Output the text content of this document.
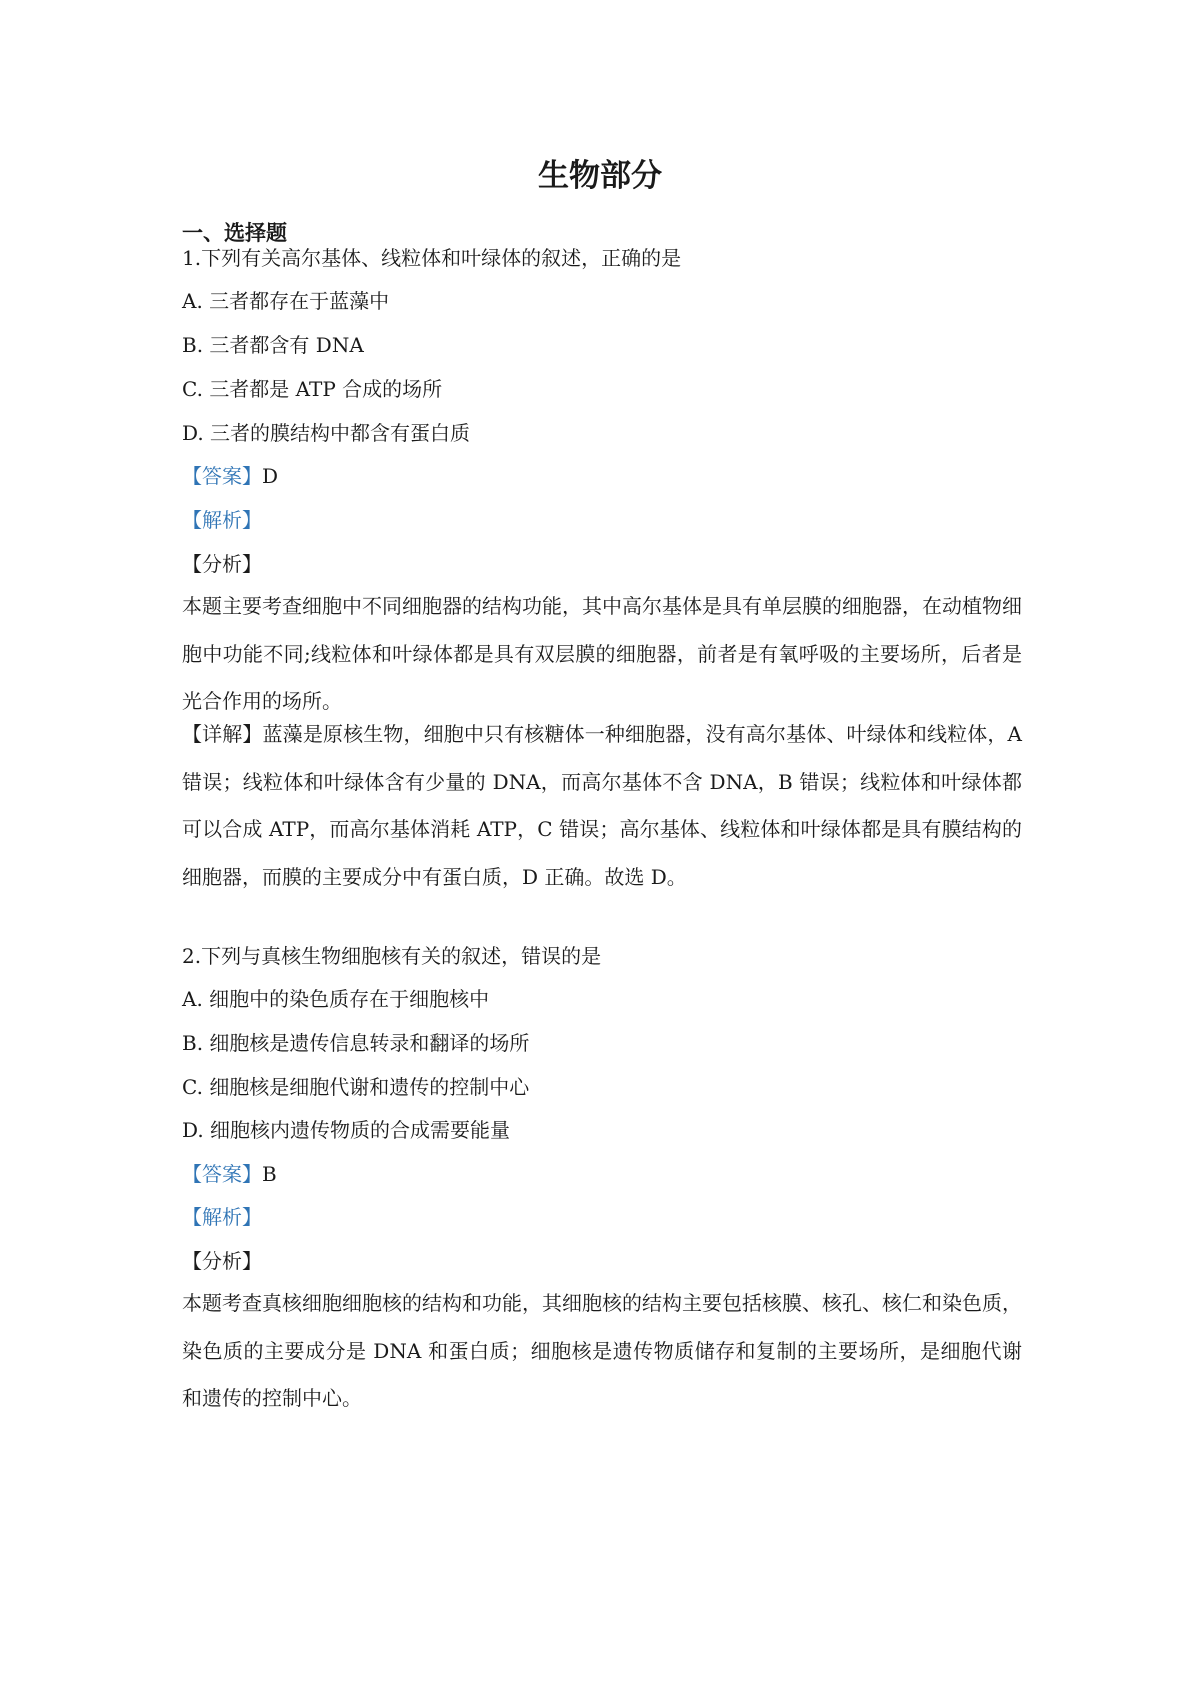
生物部分
一、选择题
1.下列有关高尔基体、线粒体和叶绿体的叙述，正确的是
A. 三者都存在于蓝藻中
B. 三者都含有 DNA
C. 三者都是 ATP 合成的场所
D. 三者的膜结构中都含有蛋白质
【答案】D
【解析】
【分析】
本题主要考查细胞中不同细胞器的结构功能，其中高尔基体是具有单层膜的细胞器，在动植物细胞中功能不同;线粒体和叶绿体都是具有双层膜的细胞器，前者是有氧呼吸的主要场所，后者是光合作用的场所。
【详解】蓝藻是原核生物，细胞中只有核糖体一种细胞器，没有高尔基体、叶绿体和线粒体，A 错误；线粒体和叶绿体含有少量的 DNA，而高尔基体不含 DNA，B 错误；线粒体和叶绿体都可以合成 ATP，而高尔基体消耗 ATP，C 错误；高尔基体、线粒体和叶绿体都是具有膜结构的细胞器，而膜的主要成分中有蛋白质，D 正确。故选 D。
2.下列与真核生物细胞核有关的叙述，错误的是
A. 细胞中的染色质存在于细胞核中
B. 细胞核是遗传信息转录和翻译的场所
C. 细胞核是细胞代谢和遗传的控制中心
D. 细胞核内遗传物质的合成需要能量
【答案】B
【解析】
【分析】
本题考查真核细胞细胞核的结构和功能，其细胞核的结构主要包括核膜、核孔、核仁和染色质，染色质的主要成分是 DNA 和蛋白质；细胞核是遗传物质储存和复制的主要场所，是细胞代谢和遗传的控制中心。
